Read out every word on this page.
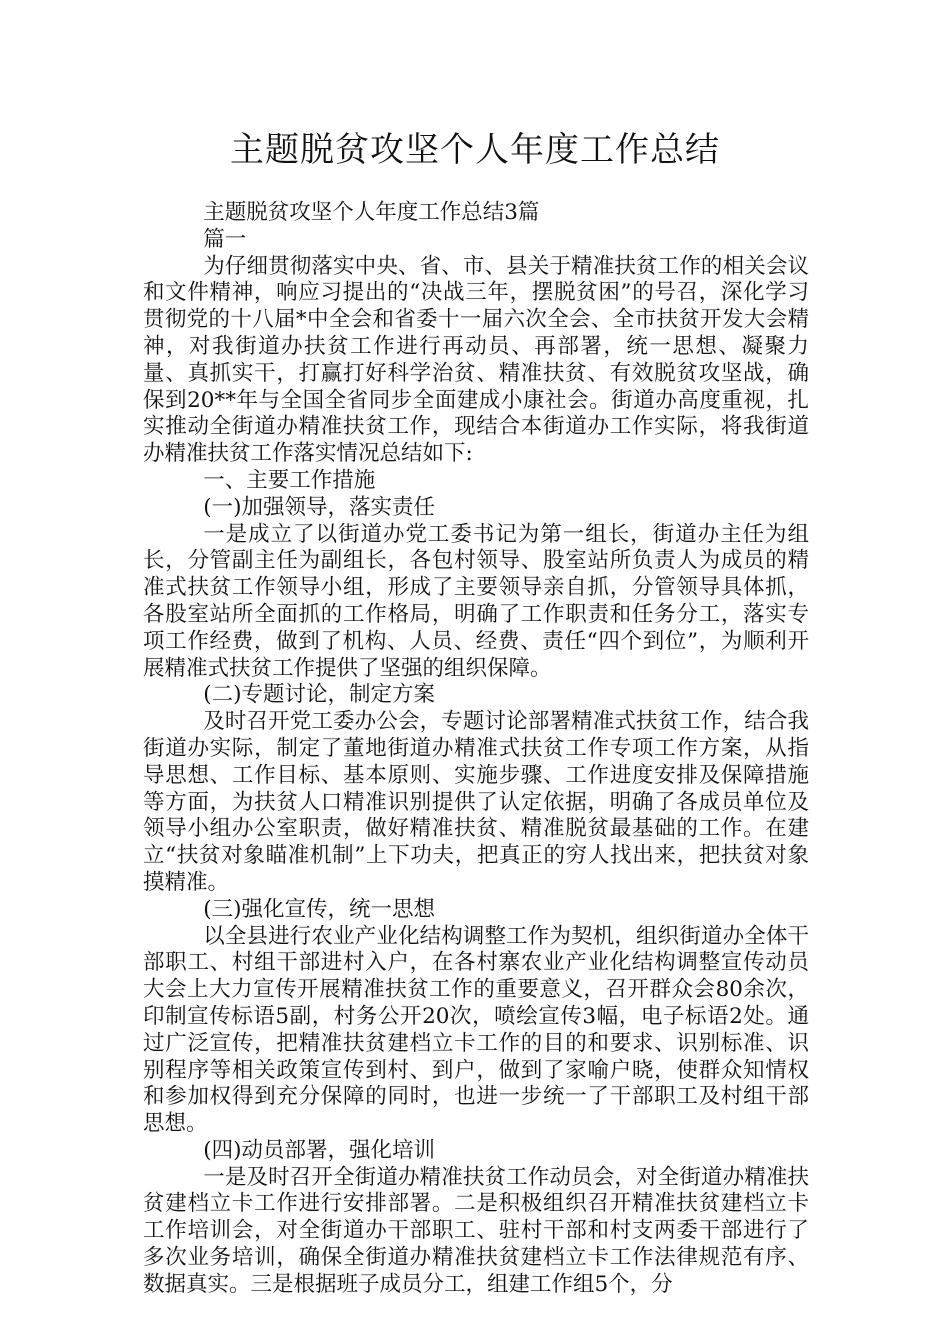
主题脱贫攻坚个人年度工作总结

主题脱贫攻坚个人年度工作总结3篇

篇一

为仔细贯彻落实中央、省、市、县关于精准扶贫工作的相关会议和文件精神，响应习提出的“决战三年，摆脱贫困”的号召，深化学习贯彻党的十八届*中全会和省委十一届六次全会、全市扶贫开发大会精神，对我街道办扶贫工作进行再动员、再部署，统一思想、凝聚力量、真抓实干，打赢打好科学治贫、精准扶贫、有效脱贫攻坚战，确保到20**年与全国全省同步全面建成小康社会。街道办高度重视，扎实推动全街道办精准扶贫工作，现结合本街道办工作实际，将我街道办精准扶贫工作落实情况总结如下:

一、主要工作措施

(一)加强领导，落实责任

一是成立了以街道办党工委书记为第一组长，街道办主任为组长，分管副主任为副组长，各包村领导、股室站所负责人为成员的精准式扶贫工作领导小组，形成了主要领导亲自抓，分管领导具体抓，各股室站所全面抓的工作格局，明确了工作职责和任务分工，落实专项工作经费，做到了机构、人员、经费、责任“四个到位”，为顺利开展精准式扶贫工作提供了坚强的组织保障。

(二)专题讨论，制定方案

及时召开党工委办公会，专题讨论部署精准式扶贫工作，结合我街道办实际，制定了董地街道办精准式扶贫工作专项工作方案，从指导思想、工作目标、基本原则、实施步骤、工作进度安排及保障措施等方面，为扶贫人口精准识别提供了认定依据，明确了各成员单位及领导小组办公室职责，做好精准扶贫、精准脱贫最基础的工作。在建立“扶贫对象瞄准机制”上下功夫，把真正的穷人找出来，把扶贫对象摸精准。

(三)强化宣传，统一思想

以全县进行农业产业化结构调整工作为契机，组织街道办全体干部职工、村组干部进村入户，在各村寨农业产业化结构调整宣传动员大会上大力宣传开展精准扶贫工作的重要意义，召开群众会80余次，印制宣传标语5副，村务公开20次，喷绘宣传3幅，电子标语2处。通过广泛宣传，把精准扶贫建档立卡工作的目的和要求、识别标准、识别程序等相关政策宣传到村、到户，做到了家喻户晓，使群众知情权和参加权得到充分保障的同时，也进一步统一了干部职工及村组干部思想。

(四)动员部署，强化培训

一是及时召开全街道办精准扶贫工作动员会，对全街道办精准扶贫建档立卡工作进行安排部署。二是积极组织召开精准扶贫建档立卡工作培训会，对全街道办干部职工、驻村干部和村支两委干部进行了多次业务培训，确保全街道办精准扶贫建档立卡工作法律规范有序、数据真实。三是根据班子成员分工，组建工作组5个，分
